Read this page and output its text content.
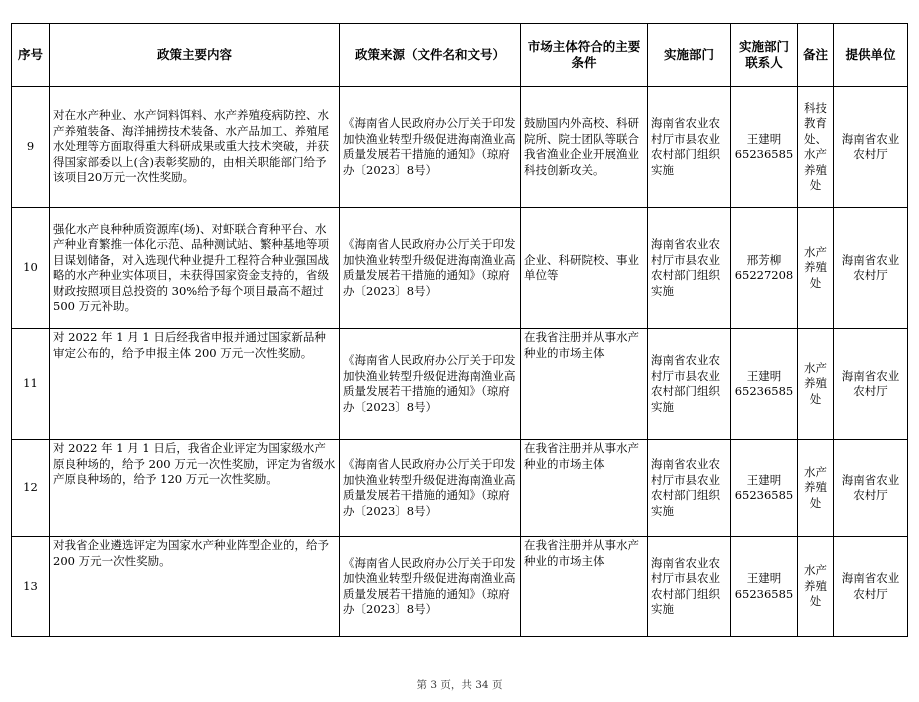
序号	政策主要内容	政策来源（文件名和文号）	市场主体符合的主要条件	实施部门	实施部门联系人	备注	提供单位
9	对在水产种业、水产饲料饵料、水产养殖疫病防控、水产养殖装备、海洋捕捞技术装备、水产品加工、养殖尾水处理等方面取得重大科研成果或重大技术突破，并获得国家部委以上(含)表彰奖励的，由相关职能部门给予该项目20万元一次性奖励。	《海南省人民政府办公厅关于印发加快渔业转型升级促进海南渔业高质量发展若干措施的通知》（琼府办〔2023〕8号）	鼓励国内外高校、科研院所、院士团队等联合我省渔业企业开展渔业科技创新攻关。	海南省农业农村厅市县农业农村部门组织实施	王建明65236585	科技教育处、水产养殖处	海南省农业农村厅
10	强化水产良种种质资源库(场)、对虾联合育种平台、水产种业育繁推一体化示范、品种测试站、繁种基地等项目谋划储备，对入选现代种业提升工程符合种业强国战略的水产种业实体项目，未获得国家资金支持的，省级财政按照项目总投资的 30%给予每个项目最高不超过500 万元补助。	《海南省人民政府办公厅关于印发加快渔业转型升级促进海南渔业高质量发展若干措施的通知》（琼府办〔2023〕8号）	企业、科研院校、事业单位等	海南省农业农村厅市县农业农村部门组织实施	邢芳柳65227208	水产养殖处	海南省农业农村厅
11	对 2022 年 1 月 1 日后经我省申报并通过国家新品种审定公布的，给予申报主体 200 万元一次性奖励。	《海南省人民政府办公厅关于印发加快渔业转型升级促进海南渔业高质量发展若干措施的通知》（琼府办〔2023〕8号）	在我省注册并从事水产种业的市场主体	海南省农业农村厅市县农业农村部门组织实施	王建明65236585	水产养殖处	海南省农业农村厅
12	对 2022 年 1 月 1 日后，我省企业评定为国家级水产原良种场的，给予 200 万元一次性奖励，评定为省级水产原良种场的，给予 120 万元一次性奖励。	《海南省人民政府办公厅关于印发加快渔业转型升级促进海南渔业高质量发展若干措施的通知》（琼府办〔2023〕8号）	在我省注册并从事水产种业的市场主体	海南省农业农村厅市县农业农村部门组织实施	王建明65236585	水产养殖处	海南省农业农村厅
13	对我省企业遴选评定为国家水产种业阵型企业的，给予 200 万元一次性奖励。	《海南省人民政府办公厅关于印发加快渔业转型升级促进海南渔业高质量发展若干措施的通知》（琼府办〔2023〕8号）	在我省注册并从事水产种业的市场主体	海南省农业农村厅市县农业农村部门组织实施	王建明65236585	水产养殖处	海南省农业农村厅
第 3 页，共 34 页
